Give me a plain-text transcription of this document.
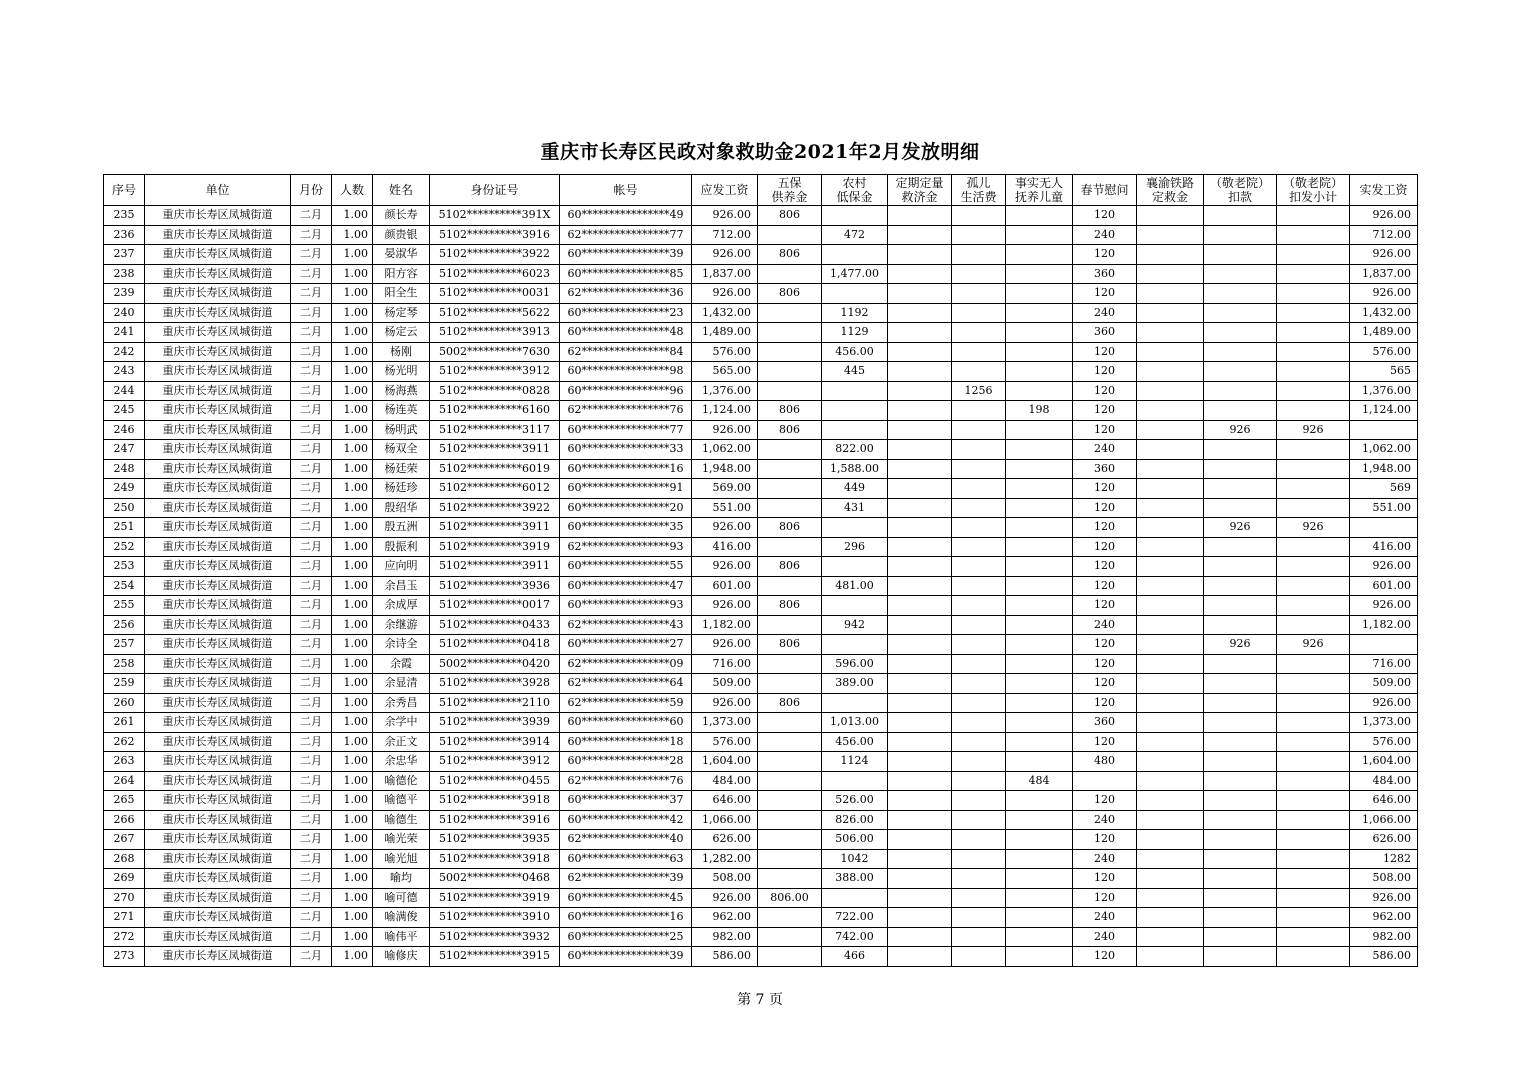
重庆市长寿区民政对象救助金2021年2月发放明细
序号	单位	月份	人数	姓名	身份证号	帐号	应发工资	五保
供养金	农村
低保金	定期定量
救济金	孤儿
生活费	事实无人
抚养儿童	春节慰问	襄渝铁路
定救金	（敬老院）
扣款	（敬老院）
扣发小计	实发工资
235	重庆市长寿区凤城街道	二月	1.00	颜长寿	5102**********391X	60****************49	926.00	806					120				926.00
236	重庆市长寿区凤城街道	二月	1.00	颜贵银	5102**********3916	62****************77	712.00		472				240				712.00
237	重庆市长寿区凤城街道	二月	1.00	晏淑华	5102**********3922	60****************39	926.00	806					120				926.00
238	重庆市长寿区凤城街道	二月	1.00	阳方容	5102**********6023	60****************85	1,837.00		1,477.00				360				1,837.00
239	重庆市长寿区凤城街道	二月	1.00	阳全生	5102**********0031	62****************36	926.00	806					120				926.00
240	重庆市长寿区凤城街道	二月	1.00	杨定琴	5102**********5622	60****************23	1,432.00		1192				240				1,432.00
241	重庆市长寿区凤城街道	二月	1.00	杨定云	5102**********3913	60****************48	1,489.00		1129				360				1,489.00
242	重庆市长寿区凤城街道	二月	1.00	杨刚	5002**********7630	62****************84	576.00		456.00				120				576.00
243	重庆市长寿区凤城街道	二月	1.00	杨光明	5102**********3912	60****************98	565.00		445				120				565
244	重庆市长寿区凤城街道	二月	1.00	杨海燕	5102**********0828	60****************96	1,376.00				1256		120				1,376.00
245	重庆市长寿区凤城街道	二月	1.00	杨连英	5102**********6160	62****************76	1,124.00	806				198	120				1,124.00
246	重庆市长寿区凤城街道	二月	1.00	杨明武	5102**********3117	60****************77	926.00	806					120		926	926	
247	重庆市长寿区凤城街道	二月	1.00	杨双全	5102**********3911	60****************33	1,062.00		822.00				240				1,062.00
248	重庆市长寿区凤城街道	二月	1.00	杨廷荣	5102**********6019	60****************16	1,948.00		1,588.00				360				1,948.00
249	重庆市长寿区凤城街道	二月	1.00	杨廷珍	5102**********6012	60****************91	569.00		449				120				569
250	重庆市长寿区凤城街道	二月	1.00	殷绍华	5102**********3922	60****************20	551.00		431				120				551.00
251	重庆市长寿区凤城街道	二月	1.00	殷五洲	5102**********3911	60****************35	926.00	806					120		926	926	
252	重庆市长寿区凤城街道	二月	1.00	殷振利	5102**********3919	62****************93	416.00		296				120				416.00
253	重庆市长寿区凤城街道	二月	1.00	应向明	5102**********3911	60****************55	926.00	806					120				926.00
254	重庆市长寿区凤城街道	二月	1.00	余昌玉	5102**********3936	60****************47	601.00		481.00				120				601.00
255	重庆市长寿区凤城街道	二月	1.00	余成厚	5102**********0017	60****************93	926.00	806					120				926.00
256	重庆市长寿区凤城街道	二月	1.00	余继游	5102**********0433	62****************43	1,182.00		942				240				1,182.00
257	重庆市长寿区凤城街道	二月	1.00	余诗全	5102**********0418	60****************27	926.00	806					120		926	926	
258	重庆市长寿区凤城街道	二月	1.00	余霞	5002**********0420	62****************09	716.00		596.00				120				716.00
259	重庆市长寿区凤城街道	二月	1.00	余显清	5102**********3928	62****************64	509.00		389.00				120				509.00
260	重庆市长寿区凤城街道	二月	1.00	余秀昌	5102**********2110	62****************59	926.00	806					120				926.00
261	重庆市长寿区凤城街道	二月	1.00	余学中	5102**********3939	60****************60	1,373.00		1,013.00				360				1,373.00
262	重庆市长寿区凤城街道	二月	1.00	余正文	5102**********3914	60****************18	576.00		456.00				120				576.00
263	重庆市长寿区凤城街道	二月	1.00	余忠华	5102**********3912	60****************28	1,604.00		1124				480				1,604.00
264	重庆市长寿区凤城街道	二月	1.00	喻德伦	5102**********0455	62****************76	484.00					484					484.00
265	重庆市长寿区凤城街道	二月	1.00	喻德平	5102**********3918	60****************37	646.00		526.00				120				646.00
266	重庆市长寿区凤城街道	二月	1.00	喻德生	5102**********3916	60****************42	1,066.00		826.00				240				1,066.00
267	重庆市长寿区凤城街道	二月	1.00	喻光荣	5102**********3935	62****************40	626.00		506.00				120				626.00
268	重庆市长寿区凤城街道	二月	1.00	喻光旭	5102**********3918	60****************63	1,282.00		1042				240				1282
269	重庆市长寿区凤城街道	二月	1.00	喻均	5002**********0468	62****************39	508.00		388.00				120				508.00
270	重庆市长寿区凤城街道	二月	1.00	喻可德	5102**********3919	60****************45	926.00	806.00					120				926.00
271	重庆市长寿区凤城街道	二月	1.00	喻满俊	5102**********3910	60****************16	962.00		722.00				240				962.00
272	重庆市长寿区凤城街道	二月	1.00	喻伟平	5102**********3932	60****************25	982.00		742.00				240				982.00
273	重庆市长寿区凤城街道	二月	1.00	喻修庆	5102**********3915	60****************39	586.00		466				120				586.00
第 7 页
